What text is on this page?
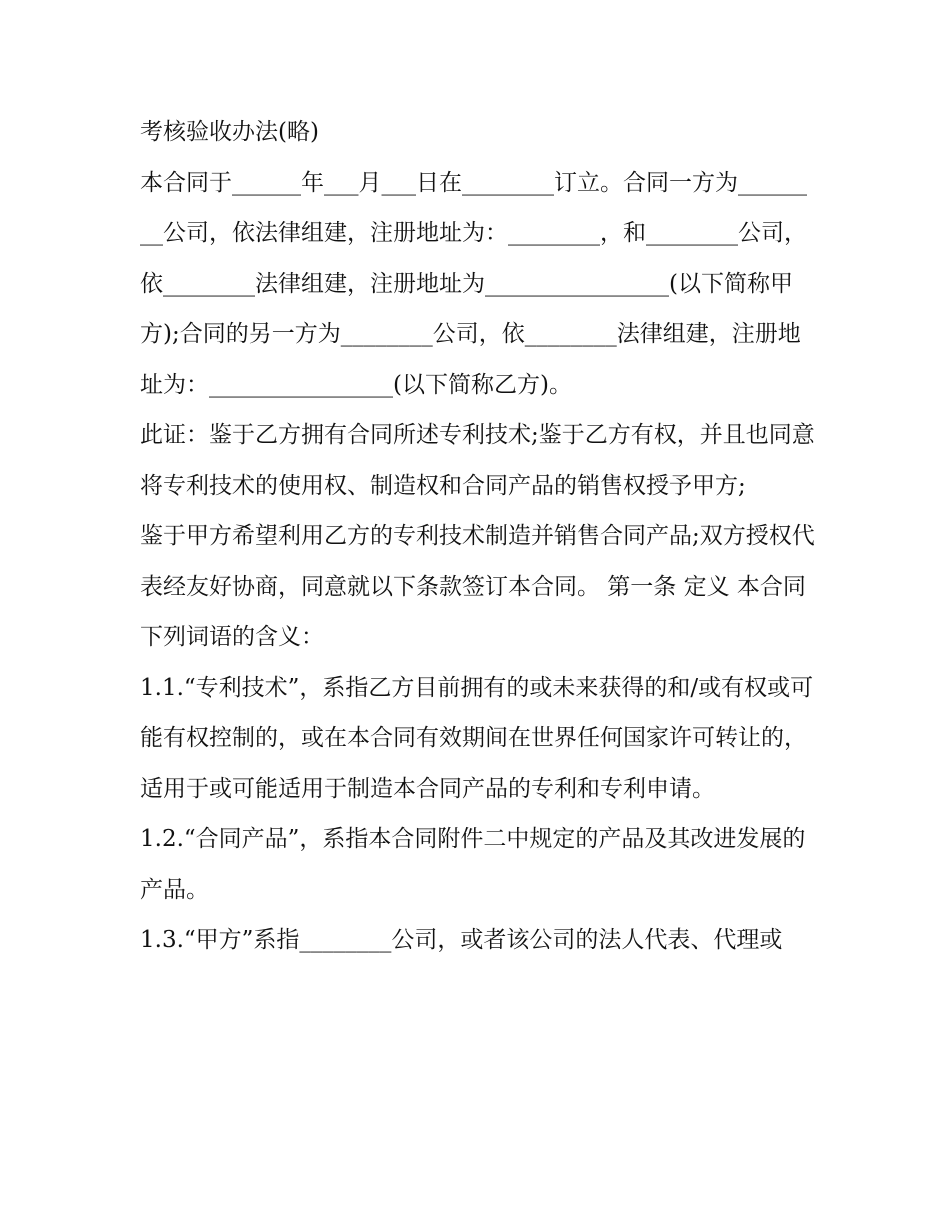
考核验收办法(略)

本合同于______年___月___日在________订立。合同一方为________公司，依法律组建，注册地址为：________，和________公司，依________法律组建，注册地址为________________(以下简称甲方);合同的另一方为________公司，依________法律组建，注册地址为：________________(以下简称乙方)。

此证：鉴于乙方拥有合同所述专利技术;鉴于乙方有权，并且也同意将专利技术的使用权、制造权和合同产品的销售权授予甲方;

鉴于甲方希望利用乙方的专利技术制造并销售合同产品;双方授权代表经友好协商，同意就以下条款签订本合同。 第一条 定义 本合同下列词语的含义：

1.1.“专利技术”，系指乙方目前拥有的或未来获得的和/或有权或可能有权控制的，或在本合同有效期间在世界任何国家许可转让的，适用于或可能适用于制造本合同产品的专利和专利申请。

1.2.“合同产品”，系指本合同附件二中规定的产品及其改进发展的产品。

1.3.“甲方”系指________公司，或者该公司的法人代表、代理或
